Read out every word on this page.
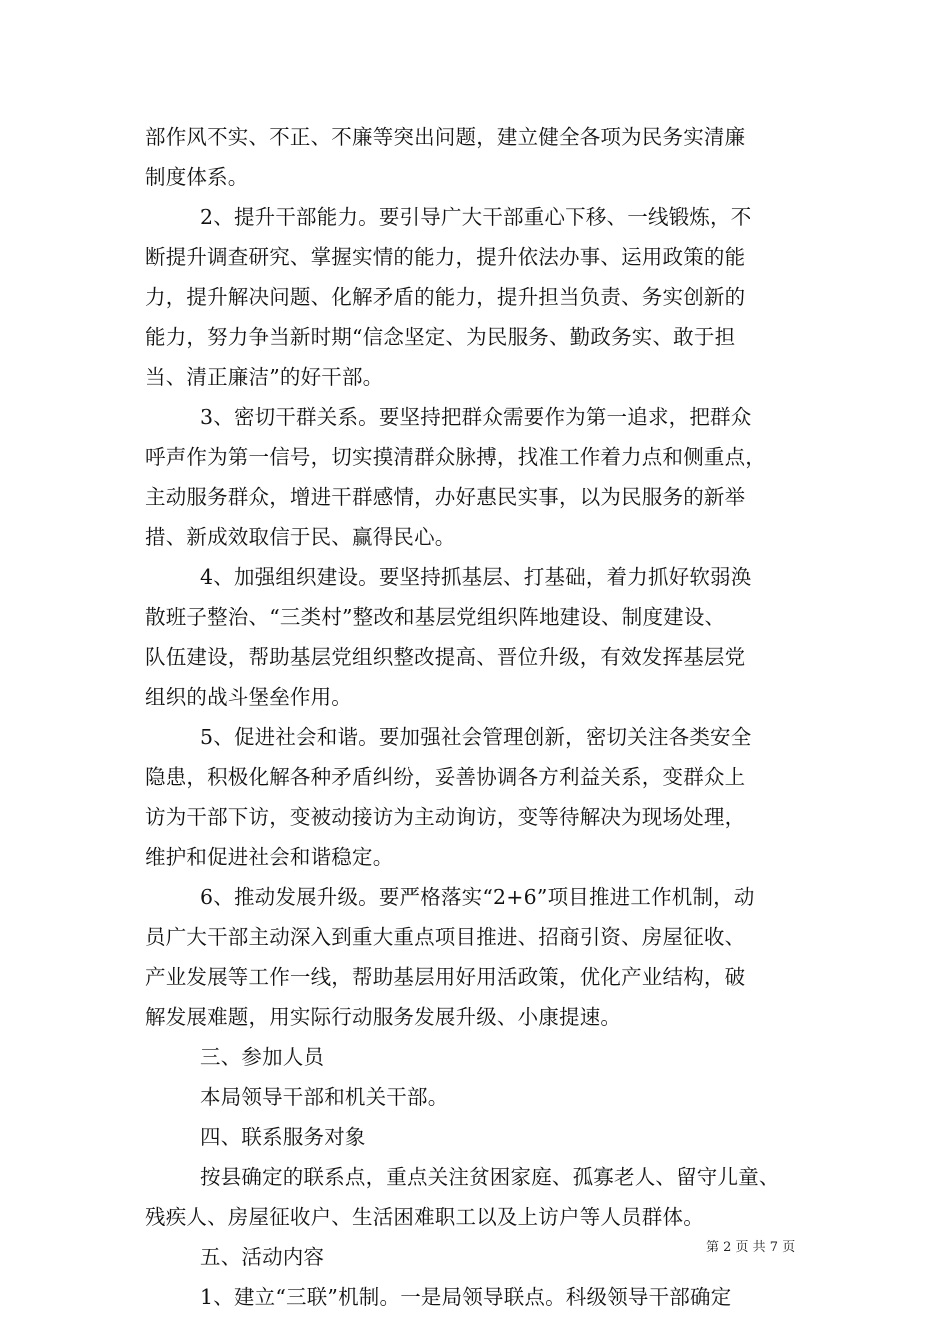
部作风不实、不正、不廉等突出问题，建立健全各项为民务实清廉
制度体系。
2、提升干部能力。要引导广大干部重心下移、一线锻炼，不
断提升调查研究、掌握实情的能力，提升依法办事、运用政策的能
力，提升解决问题、化解矛盾的能力，提升担当负责、务实创新的
能力，努力争当新时期“信念坚定、为民服务、勤政务实、敢于担
当、清正廉洁”的好干部。
3、密切干群关系。要坚持把群众需要作为第一追求，把群众
呼声作为第一信号，切实摸清群众脉搏，找准工作着力点和侧重点，
主动服务群众，增进干群感情，办好惠民实事，以为民服务的新举
措、新成效取信于民、赢得民心。
4、加强组织建设。要坚持抓基层、打基础，着力抓好软弱涣
散班子整治、“三类村”整改和基层党组织阵地建设、制度建设、
队伍建设，帮助基层党组织整改提高、晋位升级，有效发挥基层党
组织的战斗堡垒作用。
5、促进社会和谐。要加强社会管理创新，密切关注各类安全
隐患，积极化解各种矛盾纠纷，妥善协调各方利益关系，变群众上
访为干部下访，变被动接访为主动询访，变等待解决为现场处理，
维护和促进社会和谐稳定。
6、推动发展升级。要严格落实“2+6”项目推进工作机制，动
员广大干部主动深入到重大重点项目推进、招商引资、房屋征收、
产业发展等工作一线，帮助基层用好用活政策，优化产业结构，破
解发展难题，用实际行动服务发展升级、小康提速。
三、参加人员
本局领导干部和机关干部。
四、联系服务对象
按县确定的联系点，重点关注贫困家庭、孤寡老人、留守儿童、
残疾人、房屋征收户、生活困难职工以及上访户等人员群体。
五、活动内容
1、建立“三联”机制。一是局领导联点。科级领导干部确定
第 2 页 共 7 页
